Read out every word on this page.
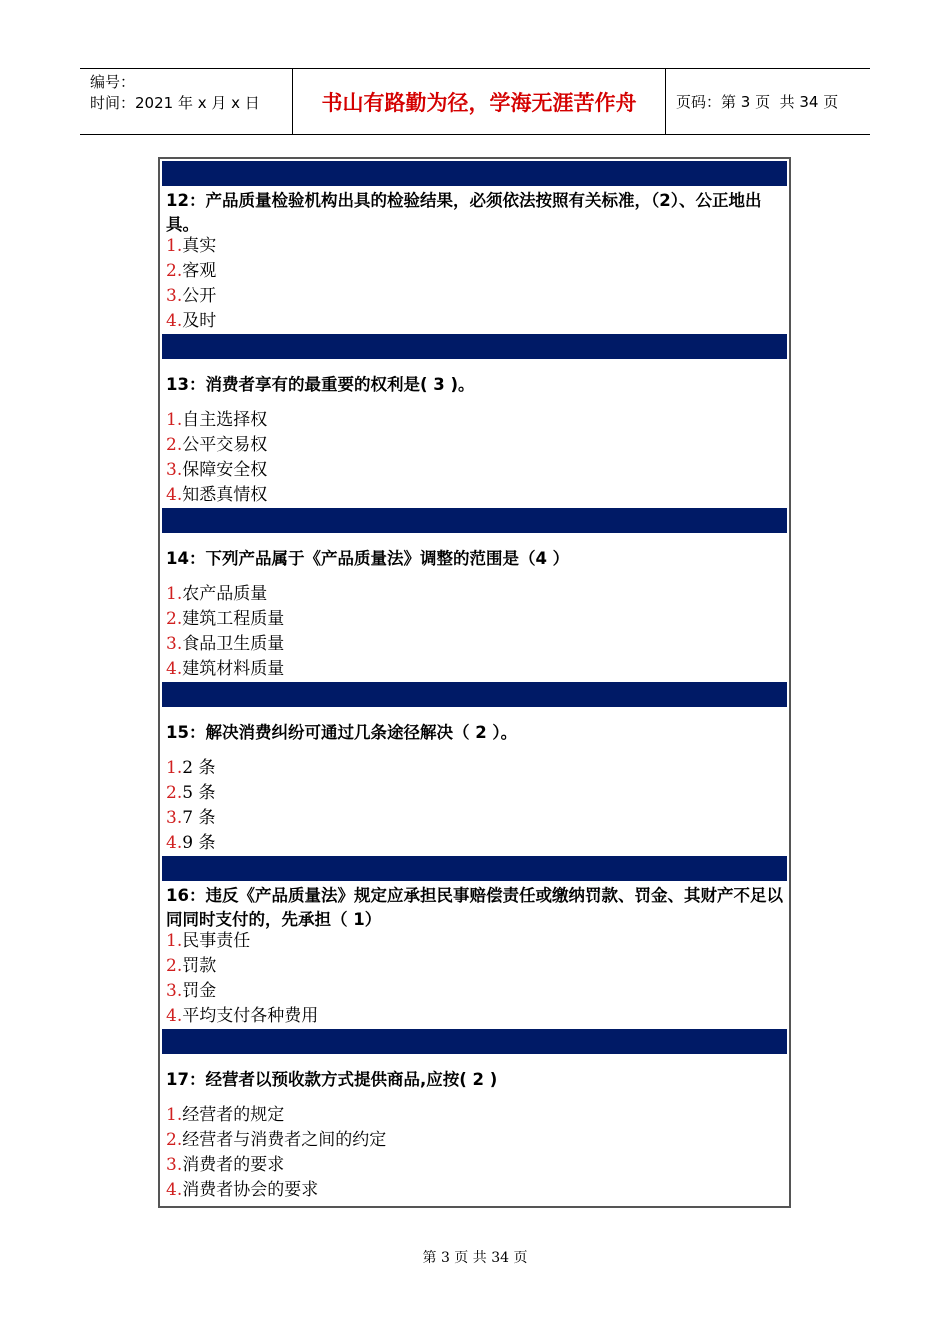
编号：
时间：2021 年 x 月 x 日	书山有路勤为径，学海无涯苦作舟	页码：第 3 页  共 34 页
12：产品质量检验机构出具的检验结果，必须依法按照有关标准，（2）、公正地出具。
1.真实
2.客观
3.公开
4.及时
13：消费者享有的最重要的权利是( 3 )。
1.自主选择权
2.公平交易权
3.保障安全权
4.知悉真情权
14：下列产品属于《产品质量法》调整的范围是（4 ）
1.农产品质量
2.建筑工程质量
3.食品卫生质量
4.建筑材料质量
15：解决消费纠纷可通过几条途径解决（ 2 ）。
1.2 条
2.5 条
3.7 条
4.9 条
16：违反《产品质量法》规定应承担民事赔偿责任或缴纳罚款、罚金、其财产不足以同同时支付的，先承担（ 1）
1.民事责任
2.罚款
3.罚金
4.平均支付各种费用
17：经营者以预收款方式提供商品,应按( 2 )
1.经营者的规定
2.经营者与消费者之间的约定
3.消费者的要求
4.消费者协会的要求
第 3 页 共 34 页
